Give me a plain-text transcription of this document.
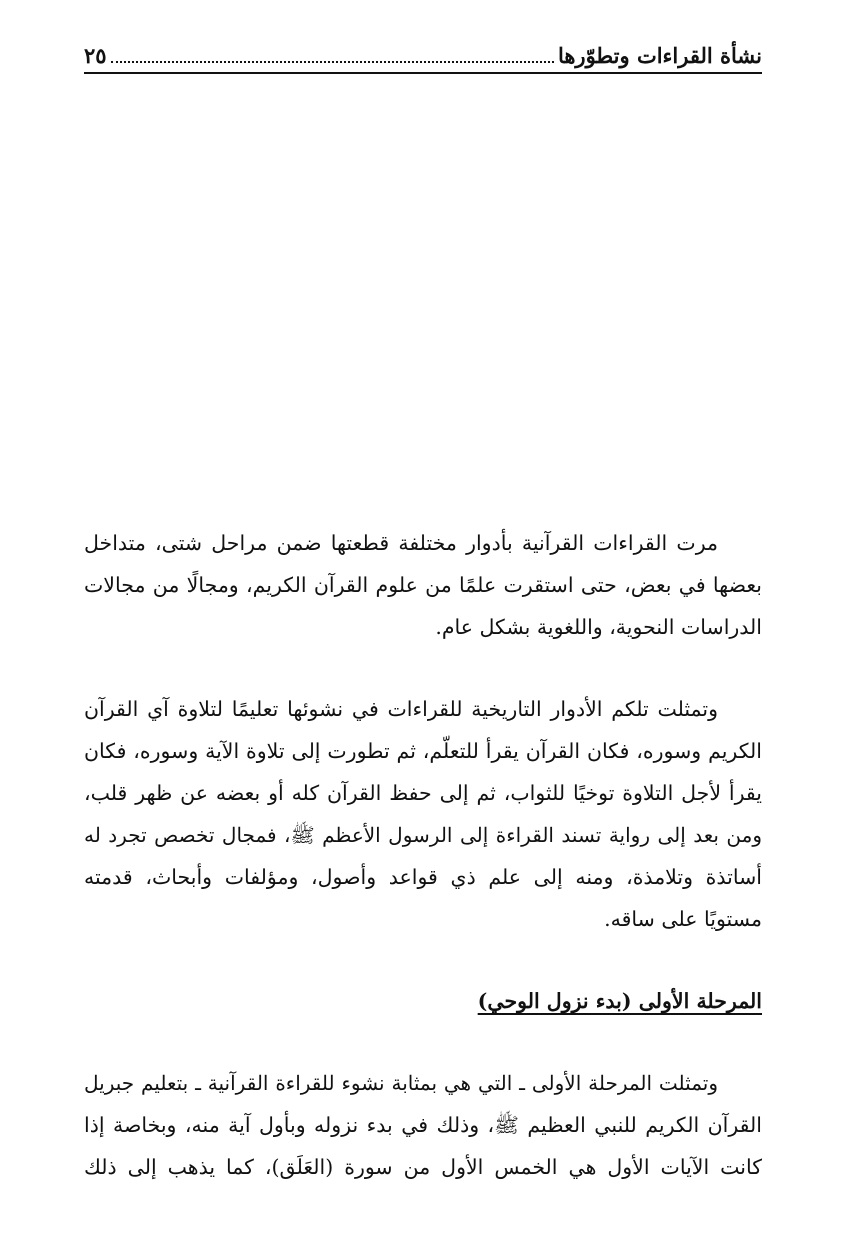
نشأة القراءات وتطوّرها
٢٥

مرت القراءات القرآنية بأدوار مختلفة قطعتها ضمن مراحل شتى، متداخل
بعضها في بعض، حتى استقرت علمًا من علوم القرآن الكريم، ومجالًا من مجالات
الدراسات النحوية، واللغوية بشكل عام.

وتمثلت تلكم الأدوار التاريخية للقراءات في نشوئها تعليمًا لتلاوة آي القرآن
الكريم وسوره، فكان القرآن يقرأ للتعلّم، ثم تطورت إلى تلاوة الآية وسوره، فكان
يقرأ لأجل التلاوة توخيًا للثواب، ثم إلى حفظ القرآن كله أو بعضه عن ظهر قلب،
ومن بعد إلى رواية تسند القراءة إلى الرسول الأعظم ﷺ، فمجال تخصص تجرد له
أساتذة وتلامذة، ومنه إلى علم ذي قواعد وأصول، ومؤلفات وأبحاث، قدمته
مستويًا على ساقه.

المرحلة الأولى (بدء نزول الوحي)

وتمثلت المرحلة الأولى ـ التي هي بمثابة نشوء للقراءة القرآنية ـ بتعليم جبريل
القرآن الكريم للنبي العظيم ﷺ، وذلك في بدء نزوله وبأول آية منه، وبخاصة إذا
كانت الآيات الأول هي الخمس الأول من سورة (العَلَق)، كما يذهب إلى ذلك
